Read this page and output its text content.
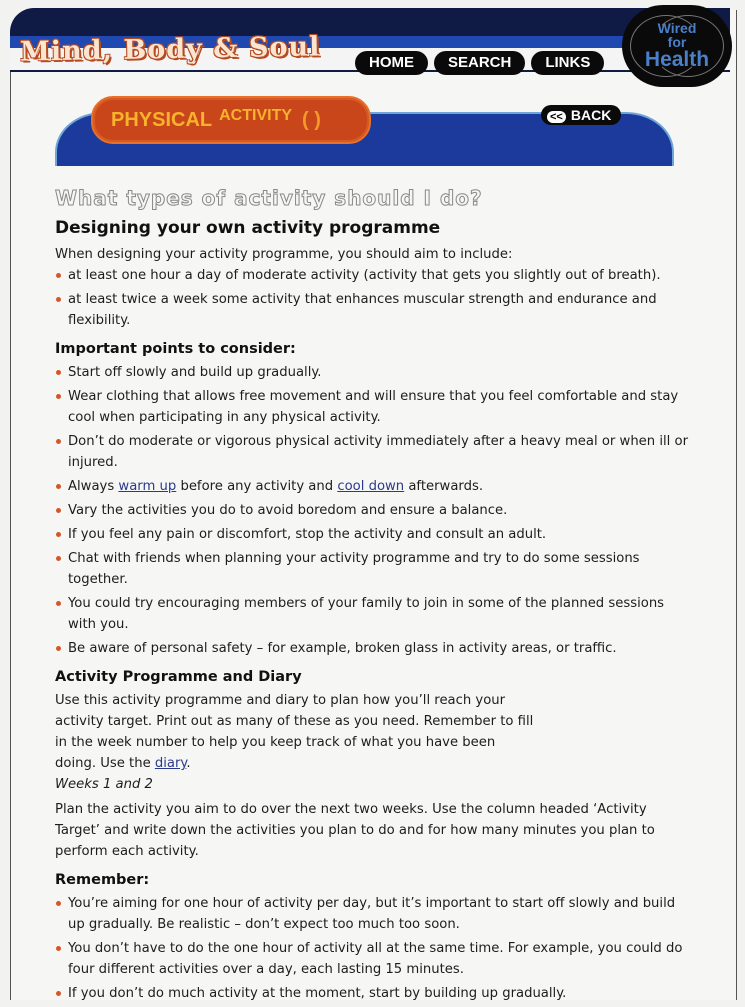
Mind, Body & Soul	HOME	SEARCH	LINKS
Wired
for
Health
PHYSICAL ACTIVITY ( )	<< BACK
What types of activity should I do?
Designing your own activity programme

When designing your activity programme, you should aim to include:

at least one hour a day of moderate activity (activity that gets you slightly out of breath).
at least twice a week some activity that enhances muscular strength and endurance and flexibility.
Important points to consider:
Start off slowly and build up gradually.
Wear clothing that allows free movement and will ensure that you feel comfortable and stay cool when participating in any physical activity.
Don’t do moderate or vigorous physical activity immediately after a heavy meal or when ill or injured.
Always warm up before any activity and cool down afterwards.
Vary the activities you do to avoid boredom and ensure a balance.
If you feel any pain or discomfort, stop the activity and consult an adult.
Chat with friends when planning your activity programme and try to do some sessions together.
You could try encouraging members of your family to join in some of the planned sessions with you.
Be aware of personal safety – for example, broken glass in activity areas, or traffic.
Activity Programme and Diary

Use this activity programme and diary to plan how you’ll reach your activity target. Print out as many of these as you need. Remember to fill in the week number to help you keep track of what you have been doing. Use the diary.

Weeks 1 and 2

Plan the activity you aim to do over the next two weeks. Use the column headed ‘Activity Target’ and write down the activities you plan to do and for how many minutes you plan to perform each activity.

Remember:
You’re aiming for one hour of activity per day, but it’s important to start off slowly and build up gradually. Be realistic – don’t expect too much too soon.
You don’t have to do the one hour of activity all at the same time. For example, you could do four different activities over a day, each lasting 15 minutes.
If you don’t do much activity at the moment, start by building up gradually.
